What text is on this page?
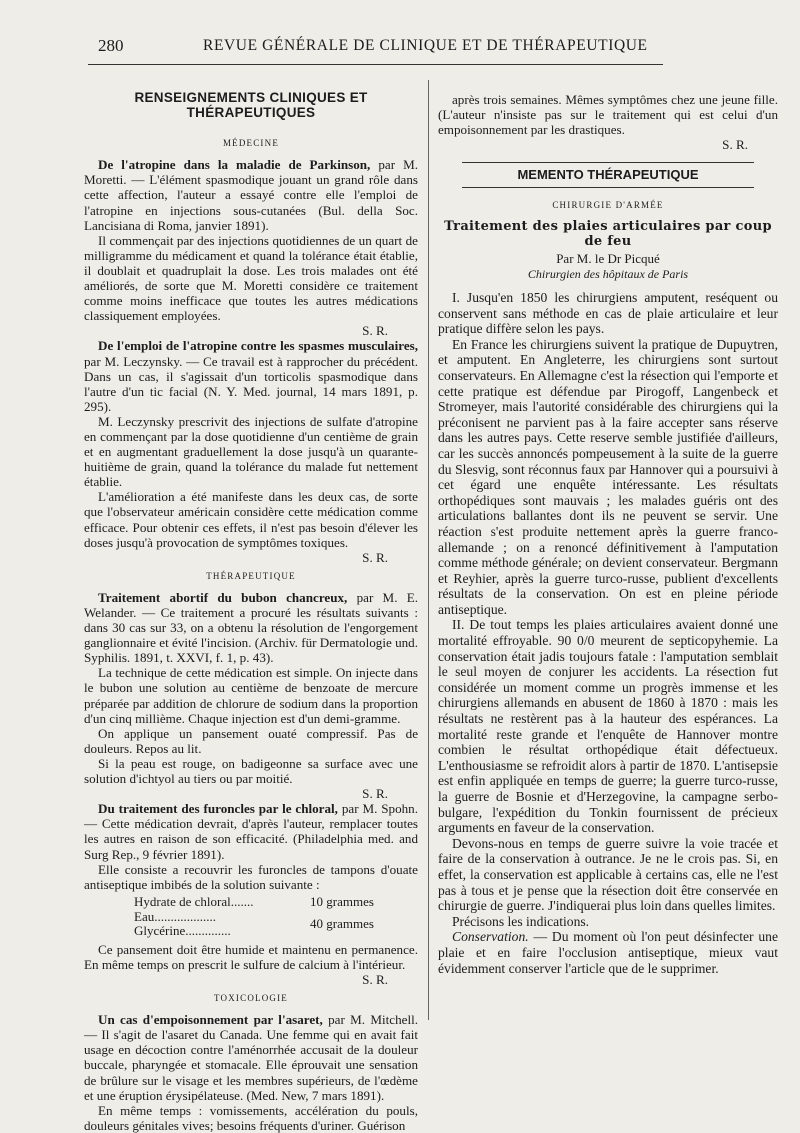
280	REVUE GÉNÉRALE DE CLINIQUE ET DE THÉRAPEUTIQUE
RENSEIGNEMENTS CLINIQUES ET THÉRAPEUTIQUES
MÉDECINE

De l'atropine dans la maladie de Parkinson, par M. Moretti. — L'élément spasmodique jouant un grand rôle dans cette affection, l'auteur a essayé contre elle l'emploi de l'atropine en injections sous-cutanées (Bul. della Soc. Lancisiana di Roma, janvier 1891).

Il commençait par des injections quotidiennes de un quart de milligramme du médicament et quand la tolérance était établie, il doublait et quadruplait la dose. Les trois malades ont été améliorés, de sorte que M. Moretti considère ce traitement comme moins inefficace que toutes les autres médications classiquement employées.

S. R.

De l'emploi de l'atropine contre les spasmes musculaires, par M. Leczynsky. — Ce travail est à rapprocher du précédent. Dans un cas, il s'agissait d'un torticolis spasmodique dans l'autre d'un tic facial (N. Y. Med. journal, 14 mars 1891, p. 295).

M. Leczynsky prescrivit des injections de sulfate d'atropine en commençant par la dose quotidienne d'un centième de grain et en augmentant graduellement la dose jusqu'à un quarante-huitième de grain, quand la tolérance du malade fut nettement établie.

L'amélioration a été manifeste dans les deux cas, de sorte que l'observateur américain considère cette médication comme efficace. Pour obtenir ces effets, il n'est pas besoin d'élever les doses jusqu'à provocation de symptômes toxiques.

S. R.

THÉRAPEUTIQUE

Traitement abortif du bubon chancreux, par M. E. Welander. — Ce traitement a procuré les résultats suivants : dans 30 cas sur 33, on a obtenu la résolution de l'engorgement ganglionnaire et évité l'incision. (Archiv. für Dermatologie und. Syphilis. 1891, t. XXVI, f. 1, p. 43).

La technique de cette médication est simple. On injecte dans le bubon une solution au centième de benzoate de mercure préparée par addition de chlorure de sodium dans la proportion d'un cinq millième. Chaque injection est d'un demi-gramme.

On applique un pansement ouaté compressif. Pas de douleurs. Repos au lit.

Si la peau est rouge, on badigeonne sa surface avec une solution d'ichtyol au tiers ou par moitié.

S. R.

Du traitement des furoncles par le chloral, par M. Spohn. — Cette médication devrait, d'après l'auteur, remplacer toutes les autres en raison de son efficacité. (Philadelphia med. and Surg Rep., 9 février 1891).

Elle consiste a recouvrir les furoncles de tampons d'ouate antiseptique imbibés de la solution suivante :

Hydrate de chloral.......	10 grammes
Eau...................
Glycérine..............	40 grammes

Ce pansement doit être humide et maintenu en permanence. En même temps on prescrit le sulfure de calcium à l'intérieur.

S. R.

TOXICOLOGIE

Un cas d'empoisonnement par l'asaret, par M. Mitchell. — Il s'agit de l'asaret du Canada. Une femme qui en avait fait usage en décoction contre l'aménorrhée accusait de la douleur buccale, pharyngée et stomacale. Elle éprouvait une sensation de brûlure sur le visage et les membres supérieurs, de l'œdème et une éruption érysipélateuse. (Med. New, 7 mars 1891).

En même temps : vomissements, accélération du pouls, douleurs génitales vives; besoins fréquents d'uriner. Guérison

après trois semaines. Mêmes symptômes chez une jeune fille. (L'auteur n'insiste pas sur le traitement qui est celui d'un empoisonnement par les drastiques.

S. R.

MEMENTO THÉRAPEUTIQUE
CHIRURGIE D'ARMÉE
Traitement des plaies articulaires par coup de feu
Par M. le Dr Picqué
Chirurgien des hôpitaux de Paris

I. Jusqu'en 1850 les chirurgiens amputent, reséquent ou conservent sans méthode en cas de plaie articulaire et leur pratique diffère selon les pays.

En France les chirurgiens suivent la pratique de Dupuytren, et amputent. En Angleterre, les chirurgiens sont surtout conservateurs. En Allemagne c'est la résection qui l'emporte et cette pratique est défendue par Pirogoff, Langenbeck et Stromeyer, mais l'autorité considérable des chirurgiens qui la préconisent ne parvient pas à la faire accepter sans réserve dans les autres pays. Cette reserve semble justifiée d'ailleurs, car les succès annoncés pompeusement à la suite de la guerre du Slesvig, sont réconnus faux par Hannover qui a poursuivi à cet égard une enquête intéressante. Les résultats orthopédiques sont mauvais ; les malades guéris ont des articulations ballantes dont ils ne peuvent se servir. Une réaction s'est produite nettement après la guerre franco-allemande ; on a renoncé définitivement à l'amputation comme méthode générale; on devient conservateur. Bergmann et Reyhier, après la guerre turco-russe, publient d'excellents résultats de la conservation. On est en pleine période antiseptique.

II. De tout temps les plaies articulaires avaient donné une mortalité effroyable. 90 0/0 meurent de septicopyhemie. La conservation était jadis toujours fatale : l'amputation semblait le seul moyen de conjurer les accidents. La résection fut considérée un moment comme un progrès immense et les chirurgiens allemands en abusent de 1860 à 1870 : mais les résultats ne restèrent pas à la hauteur des espérances. La mortalité reste grande et l'enquête de Hannover montre combien le résultat orthopédique était défectueux. L'enthousiasme se refroidit alors à partir de 1870. L'antisepsie est enfin appliquée en temps de guerre; la guerre turco-russe, la guerre de Bosnie et d'Herzegovine, la campagne serbo-bulgare, l'expédition du Tonkin fournissent de précieux arguments en faveur de la conservation.

Devons-nous en temps de guerre suivre la voie tracée et faire de la conservation à outrance. Je ne le crois pas. Si, en effet, la conservation est applicable à certains cas, elle ne l'est pas à tous et je pense que la résection doit être conservée en chirurgie de guerre. J'indiquerai plus loin dans quelles limites.

Précisons les indications.

Conservation. — Du moment où l'on peut désinfecter une plaie et en faire l'occlusion antiseptique, mieux vaut évidemment conserver l'article que de le supprimer.
